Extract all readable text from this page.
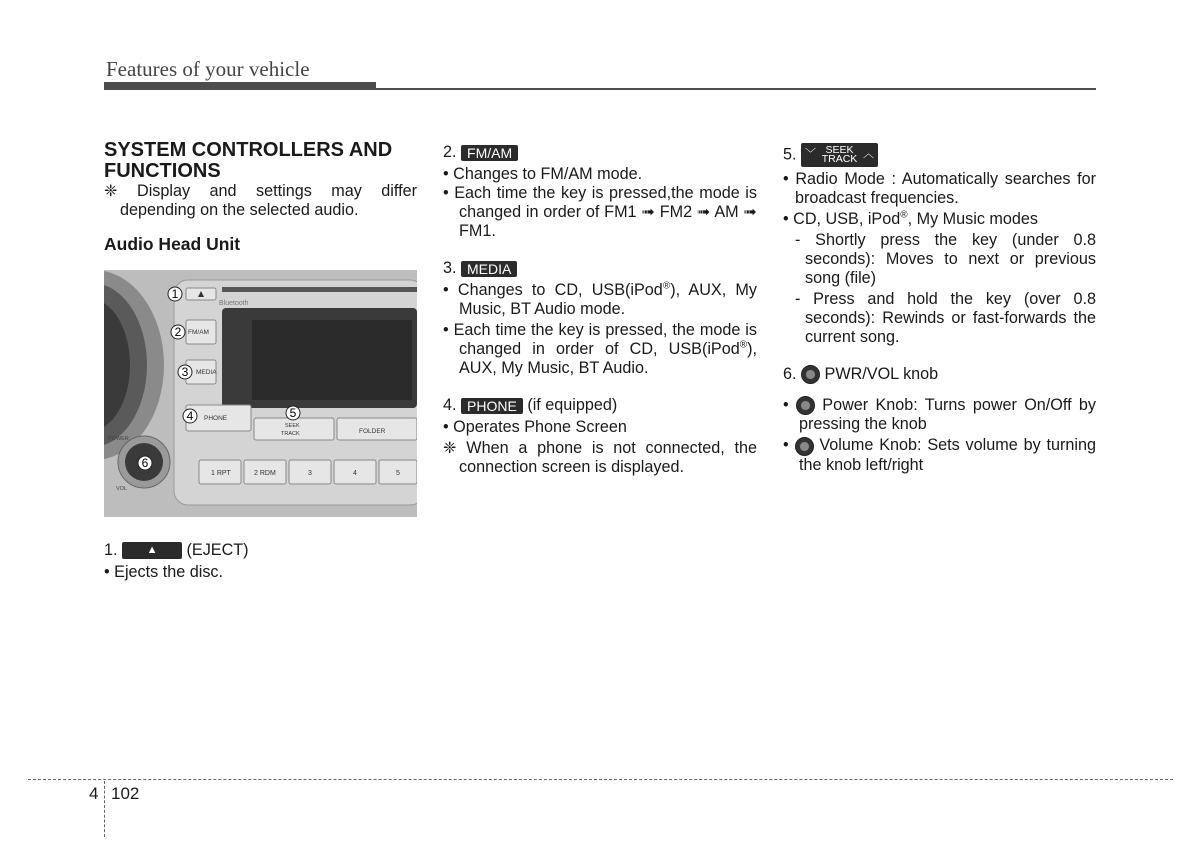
Features of your vehicle
SYSTEM CONTROLLERS AND FUNCTIONS

❈ Display and settings may differ depending on the selected audio.

Audio Head Unit
Bluetooth
FM/AM
MEDIA
PHONE
SEEK
TRACK	FOLDER
1 RPT	2 RDM	3	4	5
POWER
VOL
1
2
3
4	5
6

1.	▲ (EJECT)

• Ejects the disc.

2. FM/AM

• Changes to FM/AM mode.

• Each time the key is pressed,the mode is changed in order of FM1 ➟ FM2 ➟ AM ➟ FM1.

3. MEDIA

• Changes to CD, USB(iPod®), AUX, My Music, BT Audio mode.

• Each time the key is pressed, the mode is changed in order of CD, USB(iPod®), AUX, My Music, BT Audio.

4. PHONE (if equipped)

• Operates Phone Screen

❈ When a phone is not connected, the connection screen is displayed.

5. ﹀ SEEK
TRACK ︿

• Radio Mode : Automatically searches for broadcast frequencies.

• CD, USB, iPod®, My Music modes

- Shortly press the key (under 0.8 seconds): Moves to next or previous song (file)

- Press and hold the key (over 0.8 seconds): Rewinds or fast-forwards the current song.

6. PWR/VOL knob

•  Power Knob: Turns power On/Off by pressing the knob

•  Volume Knob: Sets volume by turning the knob left/right

4 102
